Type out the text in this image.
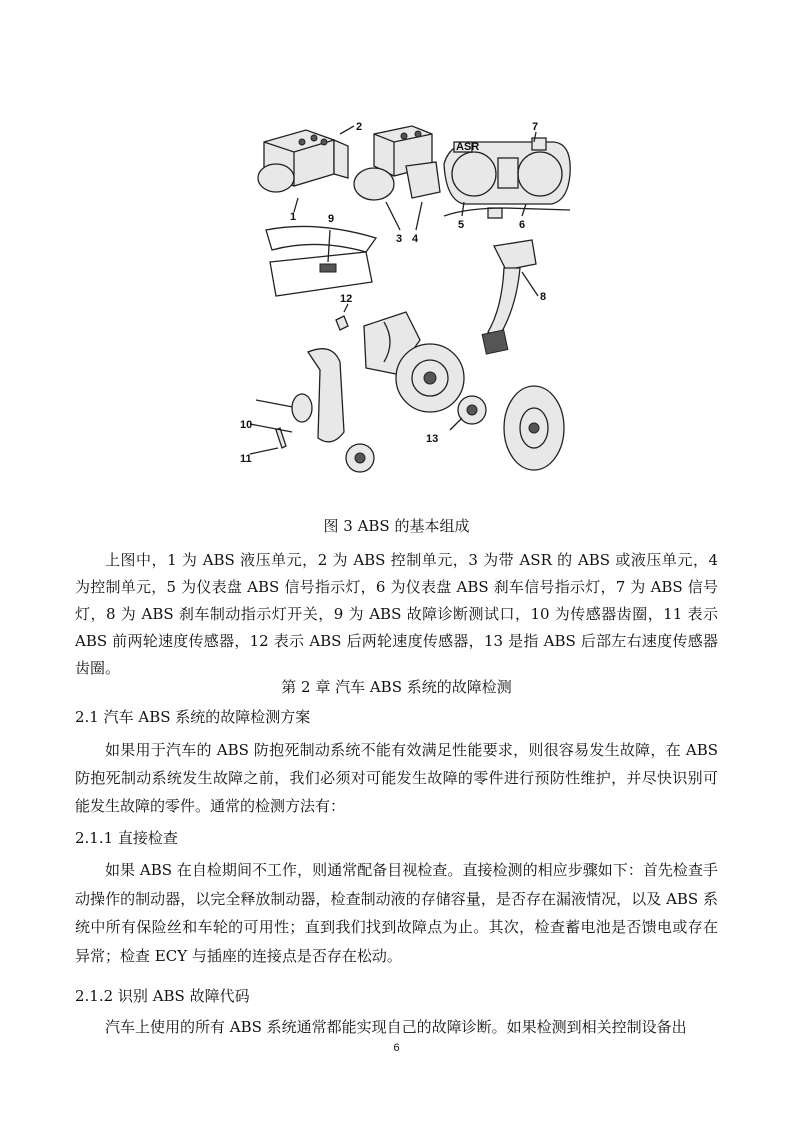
ASR
1
2
3 4
5	6
7
8
9
10
11
12
13
图 3 ABS 的基本组成
上图中，1 为 ABS 液压单元，2 为 ABS 控制单元，3 为带 ASR 的 ABS 或液压单元，4 为控制单元，5 为仪表盘 ABS 信号指示灯，6 为仪表盘 ABS 刹车信号指示灯，7 为 ABS 信号灯，8 为 ABS 刹车制动指示灯开关，9 为 ABS 故障诊断测试口，10 为传感器齿圈，11 表示 ABS 前两轮速度传感器，12 表示 ABS 后两轮速度传感器，13 是指 ABS 后部左右速度传感器齿圈。
第 2 章 汽车 ABS 系统的故障检测
2.1 汽车 ABS 系统的故障检测方案
如果用于汽车的 ABS 防抱死制动系统不能有效满足性能要求，则很容易发生故障，在 ABS 防抱死制动系统发生故障之前，我们必须对可能发生故障的零件进行预防性维护，并尽快识别可能发生故障的零件。通常的检测方法有：
2.1.1 直接检查
如果 ABS 在自检期间不工作，则通常配备目视检查。直接检测的相应步骤如下：首先检查手动操作的制动器，以完全释放制动器，检查制动液的存储容量，是否存在漏液情况，以及 ABS 系统中所有保险丝和车轮的可用性；直到我们找到故障点为止。其次，检查蓄电池是否馈电或存在异常；检查 ECY 与插座的连接点是否存在松动。
2.1.2 识别 ABS 故障代码
汽车上使用的所有 ABS 系统通常都能实现自己的故障诊断。如果检测到相关控制设备出
6
